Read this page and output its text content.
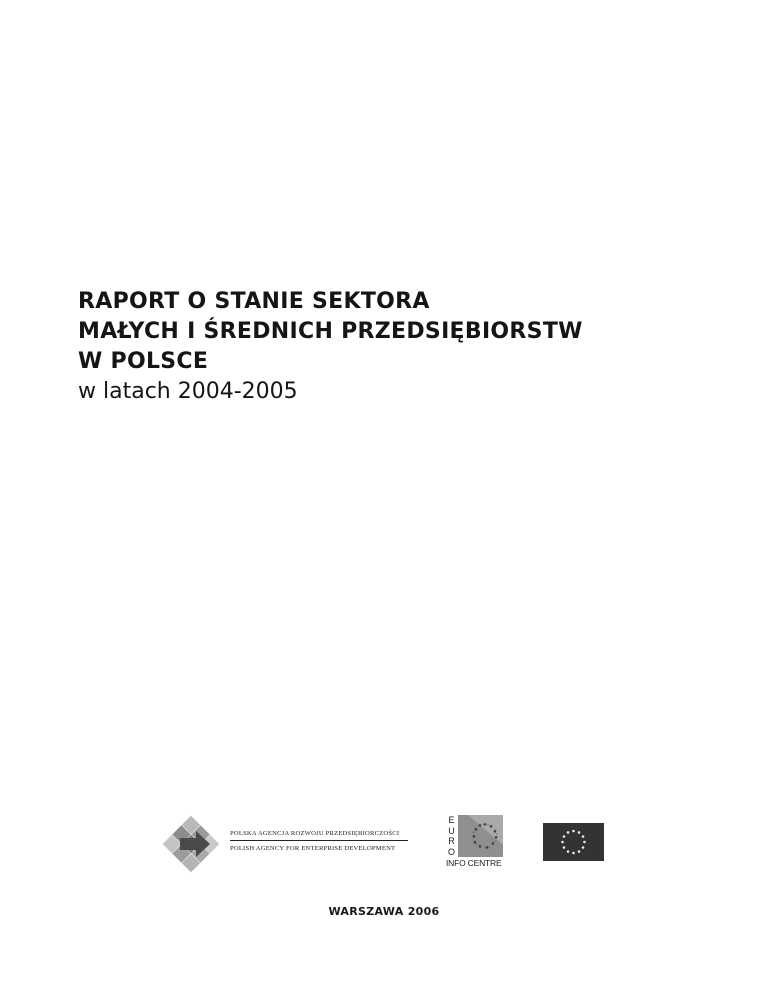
RAPORT O STANIE SEKTORA
MAŁYCH I ŚREDNICH PRZEDSIĘBIORSTW
W POLSCE
w latach 2004-2005
POLSKA AGENCJA ROZWOJU PRZEDSIĘBIORCZOŚCI
POLISH AGENCY FOR ENTERPRISE DEVELOPMENT
E
U
R
O
★ ★
★
★
★
★
★
★
★
★
★
INFO CENTRE
WARSZAWA 2006
